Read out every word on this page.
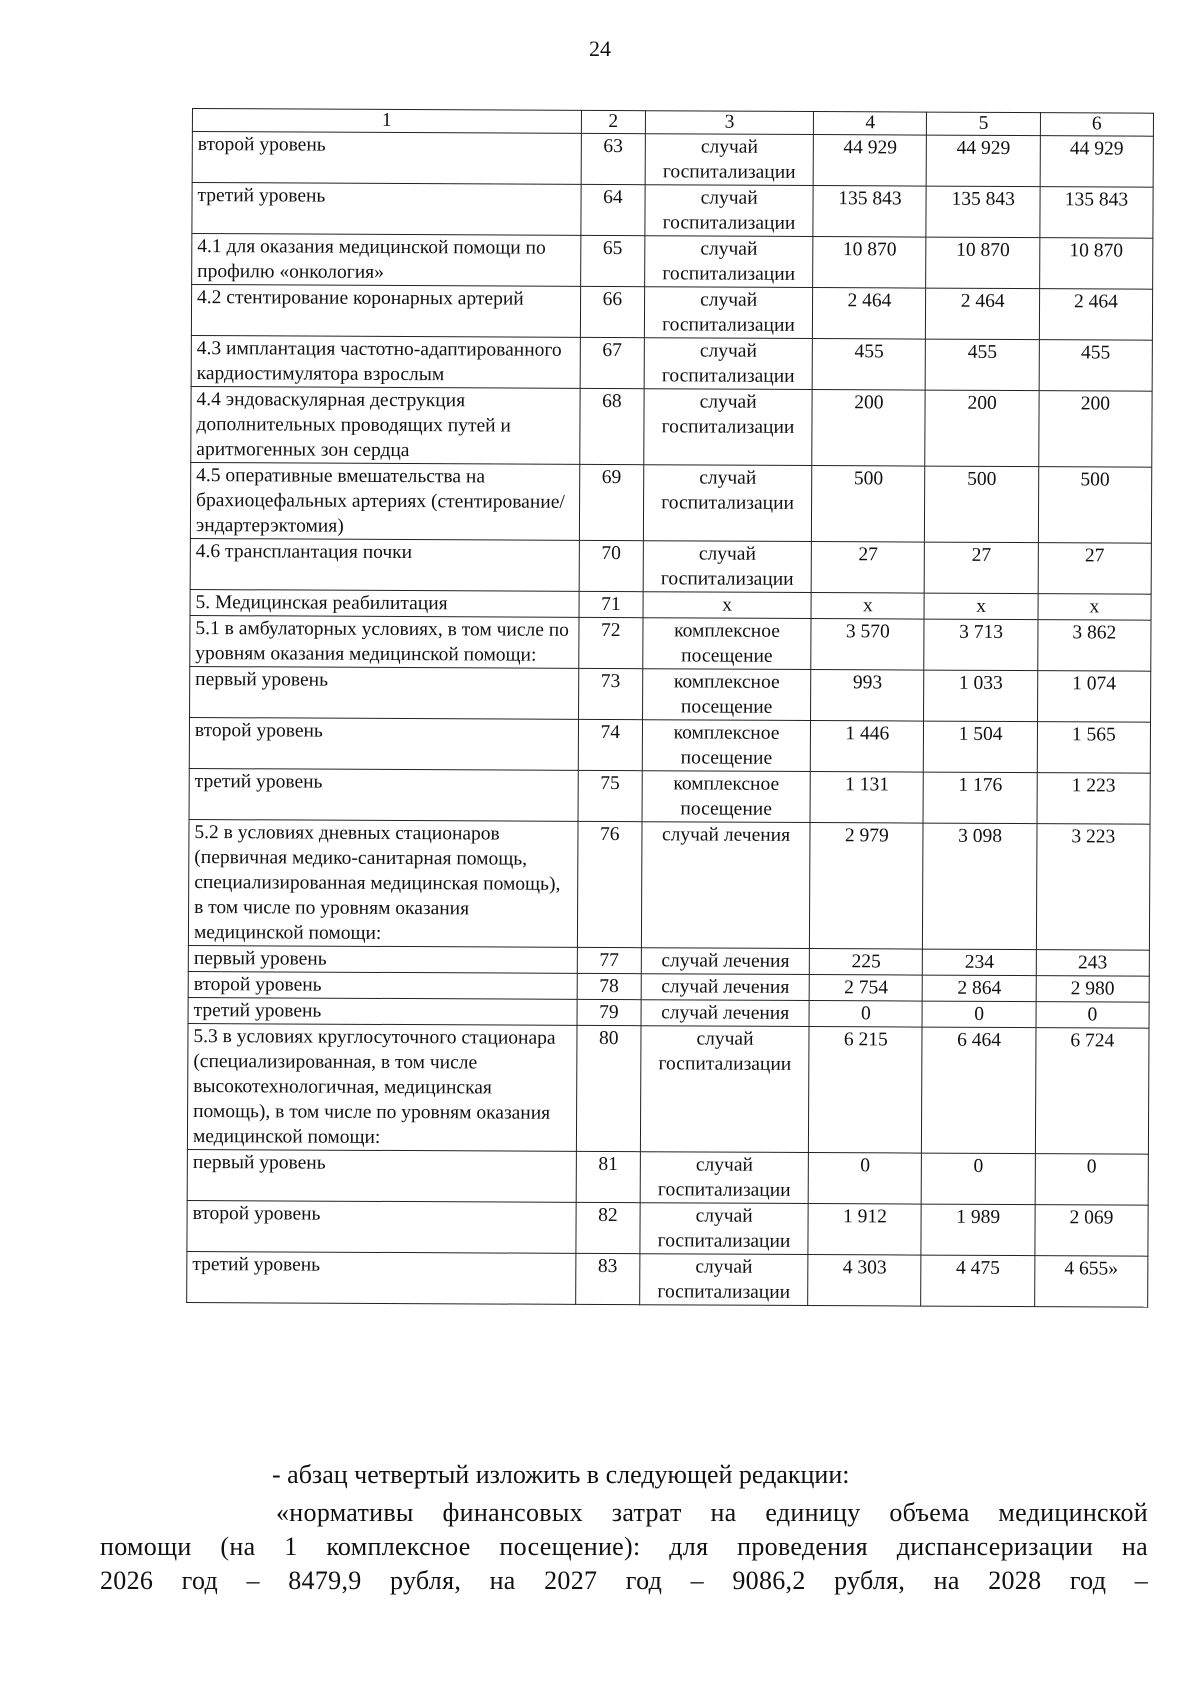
24
1	2	3	4	5	6
второй уровень	63	случай госпитализации	44 929	44 929	44 929
третий уровень	64	случай госпитализации	135 843	135 843	135 843
4.1 для оказания медицинской помощи по профилю «онкология»	65	случай госпитализации	10 870	10 870	10 870
4.2 стентирование коронарных артерий	66	случай госпитализации	2 464	2 464	2 464
4.3 имплантация частотно-адаптированного кардиостимулятора взрослым	67	случай госпитализации	455	455	455
4.4 эндоваскулярная деструкция дополнительных проводящих путей и аритмогенных зон сердца	68	случай госпитализации	200	200	200
4.5 оперативные вмешательства на брахиоцефальных артериях (стентирование/эндартерэктомия)	69	случай госпитализации	500	500	500
4.6 трансплантация почки	70	случай госпитализации	27	27	27
5. Медицинская реабилитация	71	х	х	х	х
5.1 в амбулаторных условиях, в том числе по уровням оказания медицинской помощи:	72	комплексное посещение	3 570	3 713	3 862
первый уровень	73	комплексное посещение	993	1 033	1 074
второй уровень	74	комплексное посещение	1 446	1 504	1 565
третий уровень	75	комплексное посещение	1 131	1 176	1 223
5.2 в условиях дневных стационаров (первичная медико-санитарная помощь, специализированная медицинская помощь), в том числе по уровням оказания медицинской помощи:	76	случай лечения	2 979	3 098	3 223
первый уровень	77	случай лечения	225	234	243
второй уровень	78	случай лечения	2 754	2 864	2 980
третий уровень	79	случай лечения	0	0	0
5.3 в условиях круглосуточного стационара (специализированная, в том числе высокотехнологичная, медицинская помощь), в том числе по уровням оказания медицинской помощи:	80	случай госпитализации	6 215	6 464	6 724
первый уровень	81	случай госпитализации	0	0	0
второй уровень	82	случай госпитализации	1 912	1 989	2 069
третий уровень	83	случай госпитализации	4 303	4 475	4 655»
- абзац четвертый изложить в следующей редакции:
«нормативы финансовых затрат на единицу объема медицинской
помощи (на 1 комплексное посещение): для проведения диспансеризации на
2026 год – 8479,9 рубля, на 2027 год – 9086,2 рубля, на 2028 год –
